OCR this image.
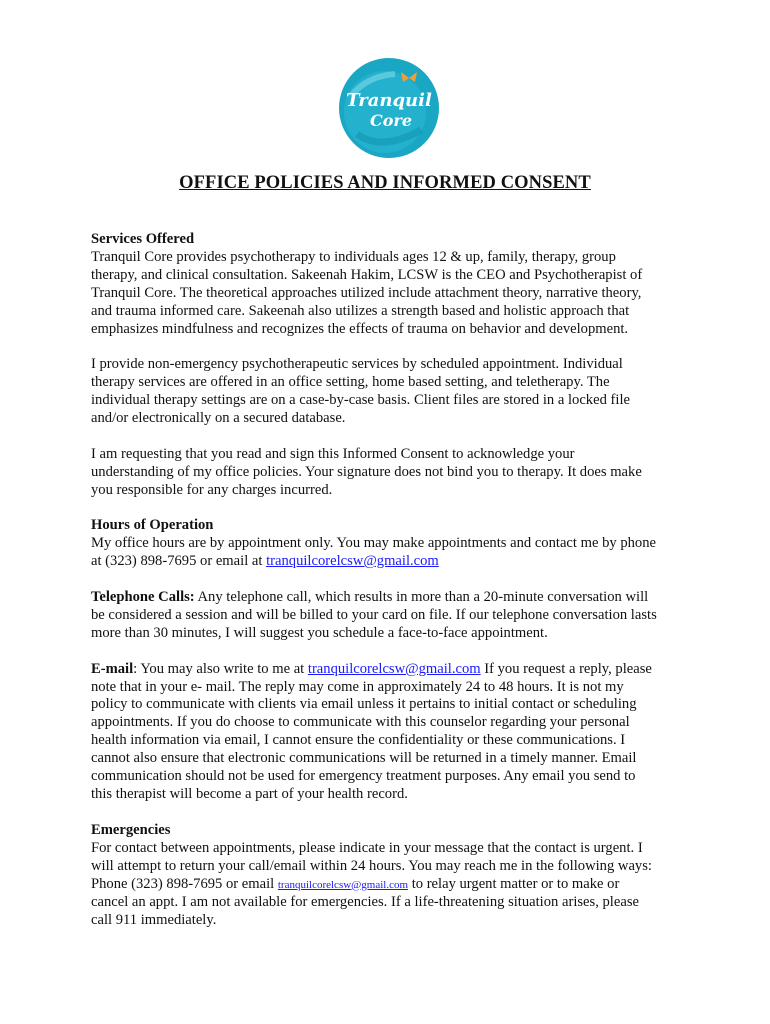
Tranquil
Core
OFFICE POLICIES AND INFORMED CONSENT

Services Offered
Tranquil Core provides psychotherapy to individuals ages 12 & up, family, therapy, group
therapy, and clinical consultation. Sakeenah Hakim, LCSW is the CEO and Psychotherapist of
Tranquil Core. The theoretical approaches utilized include attachment theory, narrative theory,
and trauma informed care. Sakeenah also utilizes a strength based and holistic approach that
emphasizes mindfulness and recognizes the effects of trauma on behavior and development.

I provide non-emergency psychotherapeutic services by scheduled appointment. Individual
therapy services are offered in an office setting, home based setting, and teletherapy. The
individual therapy settings are on a case-by-case basis. Client files are stored in a locked file
and/or electronically on a secured database.

I am requesting that you read and sign this Informed Consent to acknowledge your
understanding of my office policies. Your signature does not bind you to therapy. It does make
you responsible for any charges incurred.

Hours of Operation
My office hours are by appointment only. You may make appointments and contact me by phone
at (323) 898-7695 or email at tranquilcorelcsw@gmail.com

Telephone Calls: Any telephone call, which results in more than a 20-minute conversation will
be considered a session and will be billed to your card on file. If our telephone conversation lasts
more than 30 minutes, I will suggest you schedule a face-to-face appointment.

E-mail: You may also write to me at tranquilcorelcsw@gmail.com If you request a reply, please
note that in your e- mail. The reply may come in approximately 24 to 48 hours. It is not my
policy to communicate with clients via email unless it pertains to initial contact or scheduling
appointments. If you do choose to communicate with this counselor regarding your personal
health information via email, I cannot ensure the confidentiality or these communications. I
cannot also ensure that electronic communications will be returned in a timely manner. Email
communication should not be used for emergency treatment purposes. Any email you send to
this therapist will become a part of your health record.

Emergencies
For contact between appointments, please indicate in your message that the contact is urgent. I
will attempt to return your call/email within 24 hours. You may reach me in the following ways:
Phone (323) 898-7695 or email tranquilcorelcsw@gmail.com to relay urgent matter or to make or
cancel an appt. I am not available for emergencies. If a life-threatening situation arises, please
call 911 immediately.
